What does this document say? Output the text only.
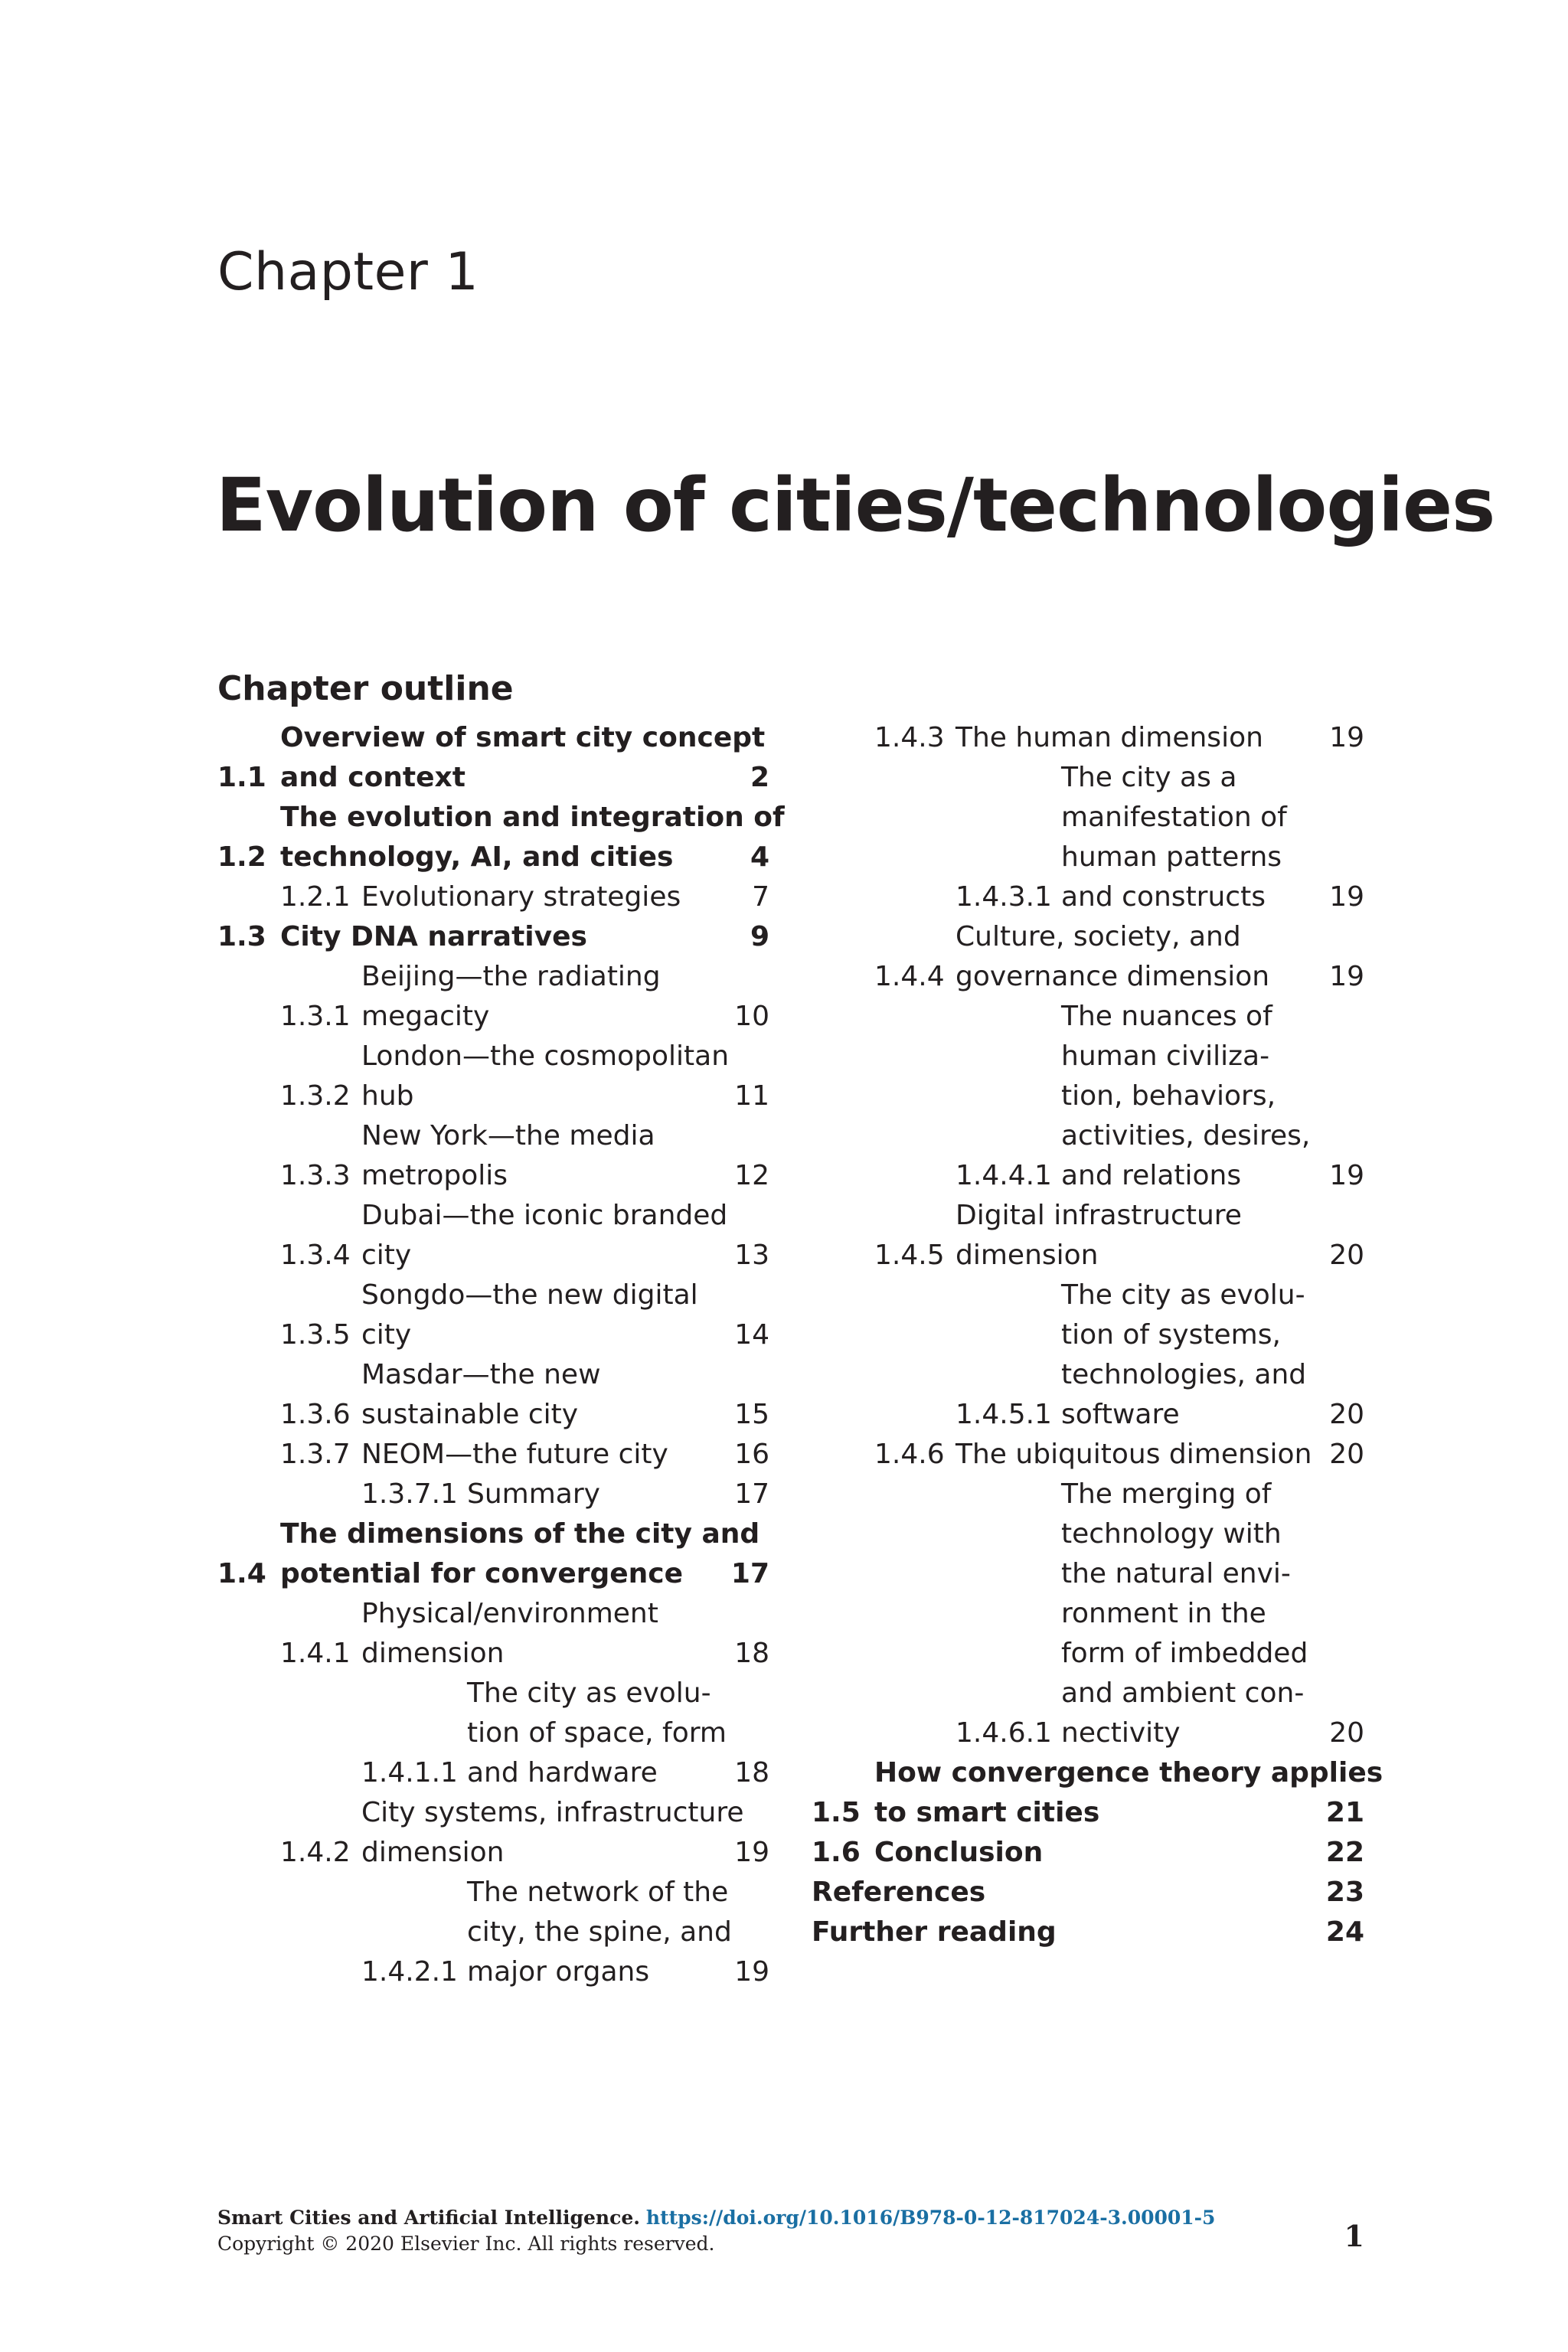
Chapter 1
Evolution of cities/technologies
Chapter outline
1.1
Overview of smart city concept
and context	2
1.2
The evolution and integration of
technology, AI, and cities	4
1.2.1 Evolutionary strategies	7
1.3 City DNA narratives	9
1.3.1
Beijing—the radiating
megacity	10
1.3.2
London—the cosmopolitan
hub	11
1.3.3
New York—the media
metropolis	12
1.3.4
Dubai—the iconic branded
city	13
1.3.5
Songdo—the new digital
city	14
1.3.6
Masdar—the new
sustainable city	15
1.3.7 NEOM—the future city	16
1.3.7.1 Summary	17
1.4
The dimensions of the city and
potential for convergence	17
1.4.1
Physical/environment
dimension	18
1.4.1.1
The city as evolu-
tion of space, form
and hardware	18
1.4.2
City systems, infrastructure
dimension	19
1.4.2.1
The network of the
city, the spine, and
major organs	19
1.4.3 The human dimension	19
1.4.3.1
The city as a
manifestation of
human patterns
and constructs	19
1.4.4
Culture, society, and
governance dimension	19
1.4.4.1
The nuances of
human civiliza-
tion, behaviors,
activities, desires,
and relations	19
1.4.5
Digital infrastructure
dimension	20
1.4.5.1
The city as evolu-
tion of systems,
technologies, and
software	20
1.4.6 The ubiquitous dimension 20
1.4.6.1
The merging of
technology with
the natural envi-
ronment in the
form of imbedded
and ambient con-
nectivity	20
1.5
How convergence theory applies
to smart cities	21
1.6 Conclusion	22
References	23
Further reading	24
Smart Cities and Artificial Intelligence. https://doi.org/10.1016/B978-0-12-817024-3.00001-5
Copyright © 2020 Elsevier Inc. All rights reserved.	1
